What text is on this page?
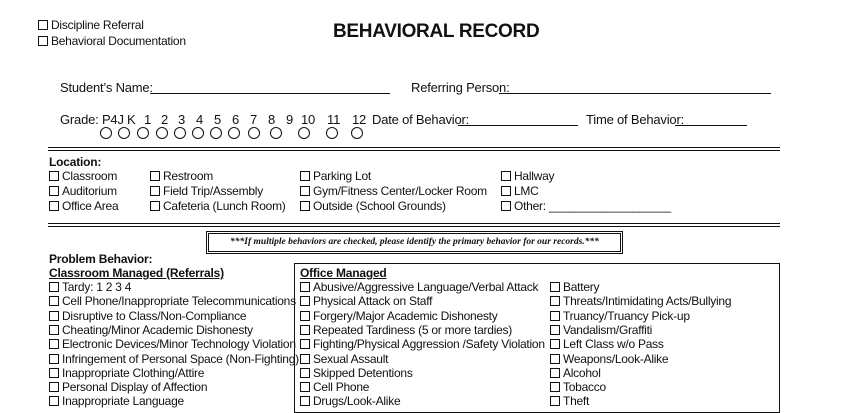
Discipline Referral
Behavioral Documentation	BEHAVIORAL RECORD
Student’s Name:	Referring Person:
Grade: P4J K 1 2 3 4 5 6 7 8 9 10 11 12 Date of Behavior:	Time of Behavior:
Location:
Classroom
Auditorium
Office Area
Restroom
Field Trip/Assembly
Cafeteria (Lunch Room)
Parking Lot
Gym/Fitness Center/Locker Room
Outside (School Grounds)
Hallway
LMC
Other: ___________________
***If multiple behaviors are checked, please identify the primary behavior for our records.***
Problem Behavior:
Classroom Managed (Referrals)
Tardy: 1 2 3 4
Cell Phone/Inappropriate Telecommunications
Disruptive to Class/Non-Compliance
Cheating/Minor Academic Dishonesty
Electronic Devices/Minor Technology Violation
Infringement of Personal Space (Non-Fighting)
Inappropriate Clothing/Attire
Personal Display of Affection
Inappropriate Language
Office Managed
Abusive/Aggressive Language/Verbal Attack
Physical Attack on Staff
Forgery/Major Academic Dishonesty
Repeated Tardiness (5 or more tardies)
Fighting/Physical Aggression /Safety Violation
Sexual Assault
Skipped Detentions
Cell Phone
Drugs/Look-Alike
Battery
Threats/Intimidating Acts/Bullying
Truancy/Truancy Pick-up
Vandalism/Graffiti
Left Class w/o Pass
Weapons/Look-Alike
Alcohol
Tobacco
Theft
